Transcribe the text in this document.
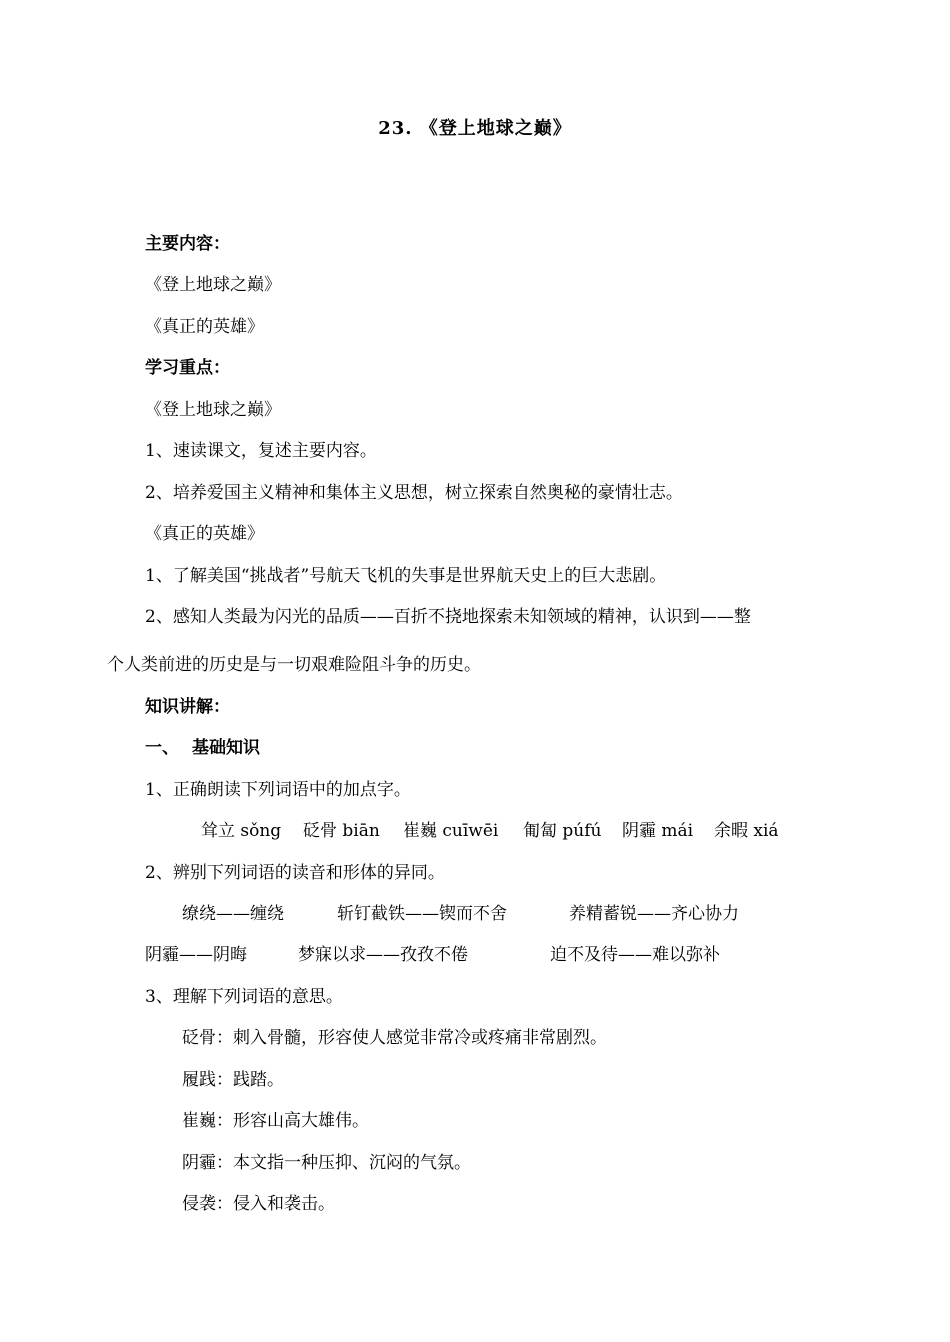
23. 《登上地球之巅》
主要内容：
《登上地球之巅》
《真正的英雄》
学习重点：
《登上地球之巅》
1、速读课文，复述主要内容。
2、培养爱国主义精神和集体主义思想，树立探索自然奥秘的豪情壮志。
《真正的英雄》
1、了解美国“挑战者”号航天飞机的失事是世界航天史上的巨大悲剧。
2、感知人类最为闪光的品质——百折不挠地探索未知领域的精神，认识到——整
个人类前进的历史是与一切艰难险阻斗争的历史。
知识讲解：
一、 基础知识
1、正确朗读下列词语中的加点字。
耸立 sǒng 砭骨 biān 崔巍 cuīwēi 匍匐 púfú 阴霾 mái 余暇 xiá
2、辨别下列词语的读音和形体的异同。
缭绕——缠绕	斩钉截铁——锲而不舍	养精蓄锐——齐心协力
阴霾——阴晦	梦寐以求——孜孜不倦	迫不及待——难以弥补
3、理解下列词语的意思。
砭骨：刺入骨髓，形容使人感觉非常冷或疼痛非常剧烈。
履践：践踏。
崔巍：形容山高大雄伟。
阴霾：本文指一种压抑、沉闷的气氛。
侵袭：侵入和袭击。
